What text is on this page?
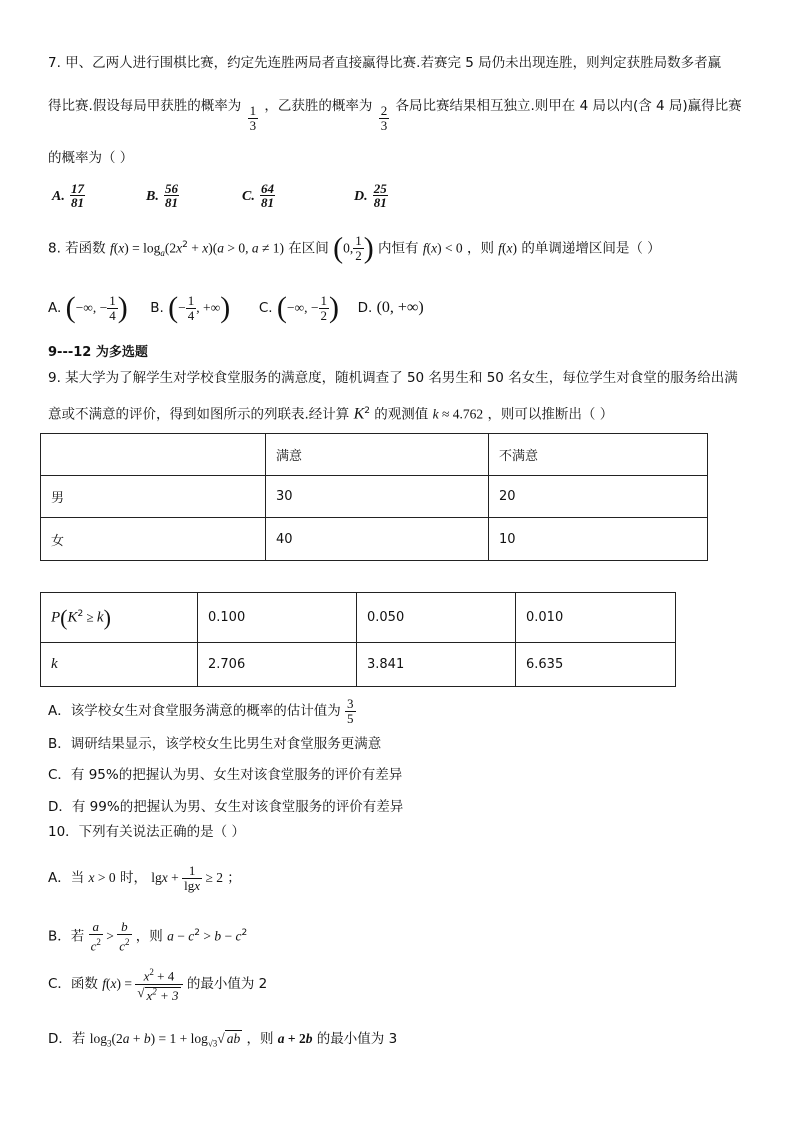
7. 甲、乙两人进行围棋比赛，约定先连胜两局者直接赢得比赛.若赛完 5 局仍未出现连胜，则判定获胜局数多者赢
得比赛.假设每局甲获胜的概率为 $\frac{1}{3}$ ，乙获胜的概率为 $\frac{2}{3}$ 各局比赛结果相互独立.则甲在 4 局以内(含 4 局)赢得比赛
的概率为（ ）
A. $\frac{17}{81}$	B. $\frac{56}{81}$	C. $\frac{64}{81}$	D. $\frac{25}{81}$
8. 若函数 $f(x) = \log_a(2x^2 + x)(a > 0$, a ≠ 1) 在区间 (0, $\frac{1}{2}$ ) 内恒有 f(x) < 0 ，则 f(x) 的单调递增区间是（ ）
A. (−∞, − $\frac{1}{4}$ ) B. (− $\frac{1}{4}$ , +∞) C. (−∞, − $\frac{1}{2}$ ) D. (0, +∞)
9---12 为多选题
9. 某大学为了解学生对学校食堂服务的满意度，随机调查了 50 名男生和 50 名女生，每位学生对食堂的服务给出满
意或不满意的评价，得到如图所示的列联表.经计算 $K^2$ 的观测值 k ≈ 4.762 ，则可以推断出（ ）
	满意	不满意
男	30	20
女	40	10
$P(K^2 \ge k)$	0.100	0.050	0.010
k	2.706	3.841	6.635
A．该学校女生对食堂服务满意的概率的估计值为 $\frac{3}{5}$
B．调研结果显示，该学校女生比男生对食堂服务更满意
C．有 95%的把握认为男、女生对该食堂服务的评价有差异
D．有 99%的把握认为男、女生对该食堂服务的评价有差异
10．下列有关说法正确的是（ ）
A．当 x > 0 时， $\lg x + \frac{1}{\lg x} \ge 2$ ；
B．若 $\frac{a}{c^2} > \frac{b}{c^2}$ ，则 $a - c^2 > b - c^2$
C．函数 $f(x) = \frac{x^2 + 4}{√ x^2 + 3}$ 的最小值为 2
D．若 $\log_3(2a + b) = 1 + \log_{√3}√$ ab ，则 a + 2b 的最小值为 3
